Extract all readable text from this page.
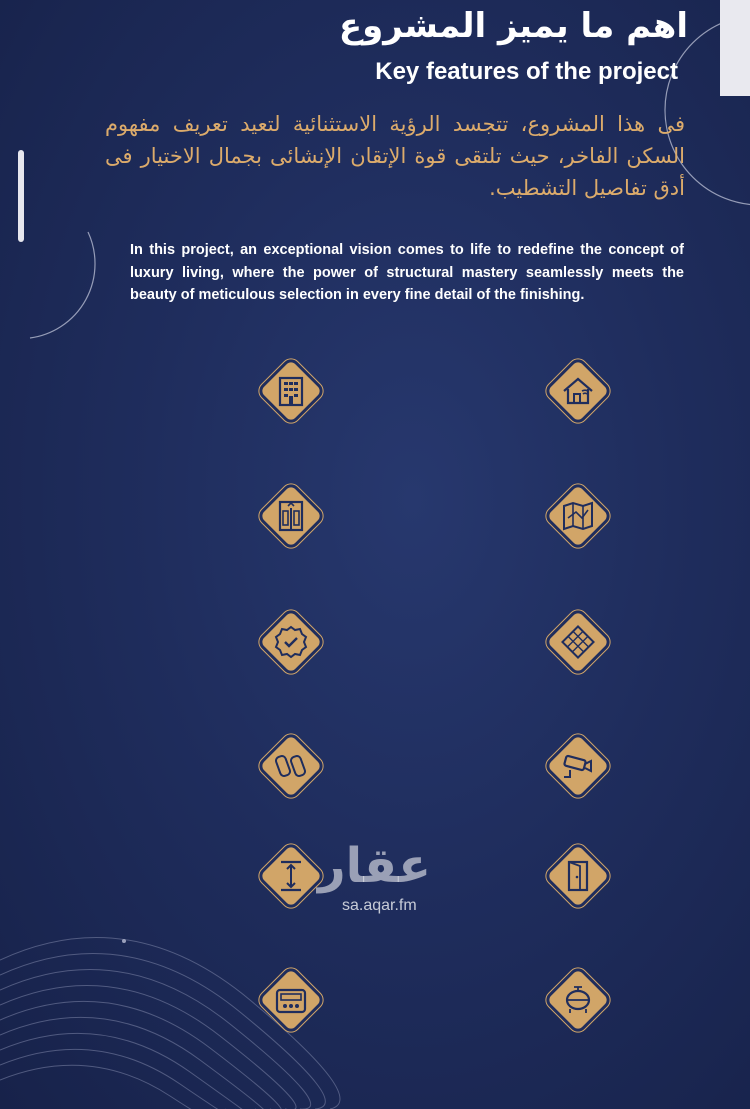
اهم ما يميز المشروع
Key features of the project
فى هذا المشروع، تتجسد الرؤية الاستثنائية لتعيد تعريف مفهوم السكن الفاخر، حيث تلتقى قوة الإتقان الإنشائى بجمال الاختيار فى أدق تفاصيل التشطيب.
In this project, an exceptional vision comes to life to redefine the concept of luxury living, where the power of structural mastery seamlessly meets the beauty of meticulous selection in every fine detail of the finishing.
عقار
sa.aqar.fm
